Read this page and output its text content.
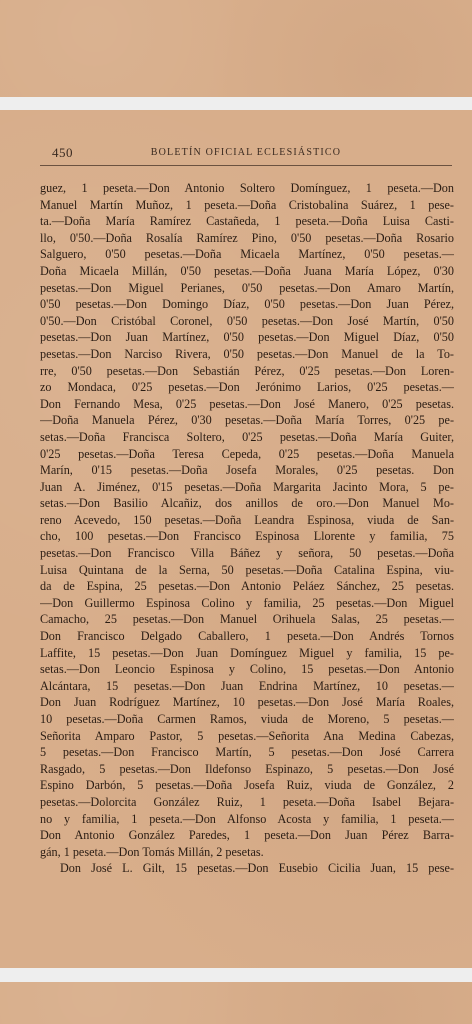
450	BOLETÍN OFICIAL ECLESIÁSTICO
guez, 1 peseta.—Don Antonio Soltero Domínguez, 1 peseta.—Don
Manuel Martín Muñoz, 1 peseta.—Doña Cristobalina Suárez, 1 pese-
ta.—Doña María Ramírez Castañeda, 1 peseta.—Doña Luisa Casti-
llo, 0'50.—Doña Rosalía Ramírez Pino, 0'50 pesetas.—Doña Rosario
Salguero, 0'50 pesetas.—Doña Micaela Martínez, 0'50 pesetas.—
Doña Micaela Millán, 0'50 pesetas.—Doña Juana María López, 0'30
pesetas.—Don Miguel Perianes, 0'50 pesetas.—Don Amaro Martín,
0'50 pesetas.—Don Domingo Díaz, 0'50 pesetas.—Don Juan Pérez,
0'50.—Don Cristóbal Coronel, 0'50 pesetas.—Don José Martín, 0'50
pesetas.—Don Juan Martínez, 0'50 pesetas.—Don Miguel Díaz, 0'50
pesetas.—Don Narciso Rivera, 0'50 pesetas.—Don Manuel de la To-
rre, 0'50 pesetas.—Don Sebastián Pérez, 0'25 pesetas.—Don Loren-
zo Mondaca, 0'25 pesetas.—Don Jerónimo Larios, 0'25 pesetas.—
Don Fernando Mesa, 0'25 pesetas.—Don José Manero, 0'25 pesetas.
—Doña Manuela Pérez, 0'30 pesetas.—Doña María Torres, 0'25 pe-
setas.—Doña Francisca Soltero, 0'25 pesetas.—Doña María Guiter,
0'25 pesetas.—Doña Teresa Cepeda, 0'25 pesetas.—Doña Manuela
Marín, 0'15 pesetas.—Doña Josefa Morales, 0'25 pesetas. Don
Juan A. Jiménez, 0'15 pesetas.—Doña Margarita Jacinto Mora, 5 pe-
setas.—Don Basilio Alcañiz, dos anillos de oro.—Don Manuel Mo-
reno Acevedo, 150 pesetas.—Doña Leandra Espinosa, viuda de San-
cho, 100 pesetas.—Don Francisco Espinosa Llorente y familia, 75
pesetas.—Don Francisco Villa Báñez y señora, 50 pesetas.—Doña
Luisa Quintana de la Serna, 50 pesetas.—Doña Catalina Espina, viu-
da de Espina, 25 pesetas.—Don Antonio Peláez Sánchez, 25 pesetas.
—Don Guillermo Espinosa Colino y familia, 25 pesetas.—Don Miguel
Camacho, 25 pesetas.—Don Manuel Orihuela Salas, 25 pesetas.—
Don Francisco Delgado Caballero, 1 peseta.—Don Andrés Tornos
Laffite, 15 pesetas.—Don Juan Domínguez Miguel y familia, 15 pe-
setas.—Don Leoncio Espinosa y Colino, 15 pesetas.—Don Antonio
Alcántara, 15 pesetas.—Don Juan Endrina Martínez, 10 pesetas.—
Don Juan Rodríguez Martínez, 10 pesetas.—Don José María Roales,
10 pesetas.—Doña Carmen Ramos, viuda de Moreno, 5 pesetas.—
Señorita Amparo Pastor, 5 pesetas.—Señorita Ana Medina Cabezas,
5 pesetas.—Don Francisco Martín, 5 pesetas.—Don José Carrera
Rasgado, 5 pesetas.—Don Ildefonso Espinazo, 5 pesetas.—Don José
Espino Darbón, 5 pesetas.—Doña Josefa Ruiz, viuda de González, 2
pesetas.—Dolorcita González Ruiz, 1 peseta.—Doña Isabel Bejara-
no y familia, 1 peseta.—Don Alfonso Acosta y familia, 1 peseta.—
Don Antonio González Paredes, 1 peseta.—Don Juan Pérez Barra-
gán, 1 peseta.—Don Tomás Millán, 2 pesetas.
Don José L. Gilt, 15 pesetas.—Don Eusebio Cicilia Juan, 15 pese-
